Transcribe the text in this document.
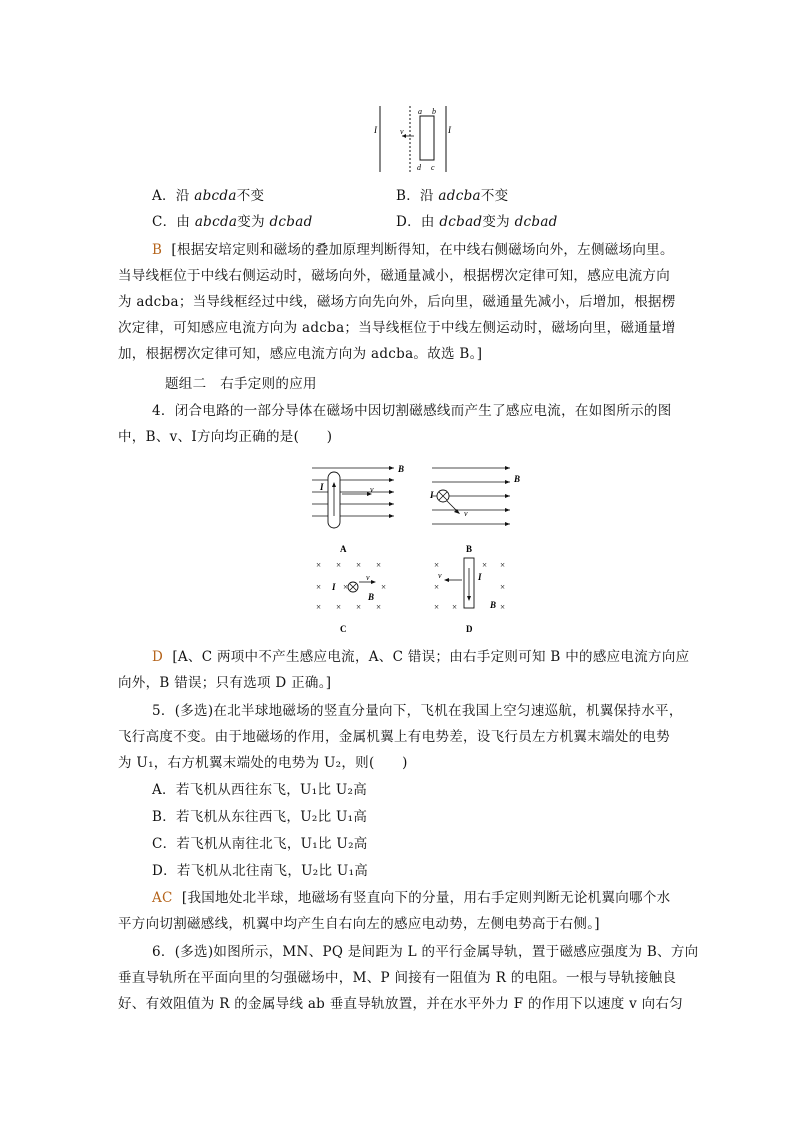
I	v
a b
d c
I
A．沿 abcda不变	B．沿 adcba不变
C．由 abcda变为 dcbad	D．由 dcbad变为 dcbad
B [根据安培定则和磁场的叠加原理判断得知，在中线右侧磁场向外，左侧磁场向里。
当导线框位于中线右侧运动时，磁场向外，磁通量减小，根据楞次定律可知，感应电流方向
为 adcba；当导线框经过中线，磁场方向先向外，后向里，磁通量先减小，后增加，根据楞
次定律，可知感应电流方向为 adcba；当导线框位于中线左侧运动时，磁场向里，磁通量增
加，根据楞次定律可知，感应电流方向为 adcba。故选 B。]
题组二　右手定则的应用
4．闭合电路的一部分导体在磁场中因切割磁感线而产生了感应电流，在如图所示的图
中，B、v、I方向均正确的是(　　)
B
I	v
A
B
I
v
B
× × × ×
× ×	×
× × × ×
I
v
B
C
×	×
×
×	×
× ×	×
v	I
B
D
D [A、C 两项中不产生感应电流，A、C 错误；由右手定则可知 B 中的感应电流方向应
向外，B 错误；只有选项 D 正确。]
5．(多选)在北半球地磁场的竖直分量向下，飞机在我国上空匀速巡航，机翼保持水平，
飞行高度不变。由于地磁场的作用，金属机翼上有电势差，设飞行员左方机翼末端处的电势
为 U₁，右方机翼末端处的电势为 U₂，则(　　)
A．若飞机从西往东飞，U₁比 U₂高
B．若飞机从东往西飞，U₂比 U₁高
C．若飞机从南往北飞，U₁比 U₂高
D．若飞机从北往南飞，U₂比 U₁高
AC [我国地处北半球，地磁场有竖直向下的分量，用右手定则判断无论机翼向哪个水
平方向切割磁感线，机翼中均产生自右向左的感应电动势，左侧电势高于右侧。]
6．(多选)如图所示，MN、PQ 是间距为 L 的平行金属导轨，置于磁感应强度为 B、方向
垂直导轨所在平面向里的匀强磁场中，M、P 间接有一阻值为 R 的电阻。一根与导轨接触良
好、有效阻值为 R 的金属导线 ab 垂直导轨放置，并在水平外力 F 的作用下以速度 v 向右匀
